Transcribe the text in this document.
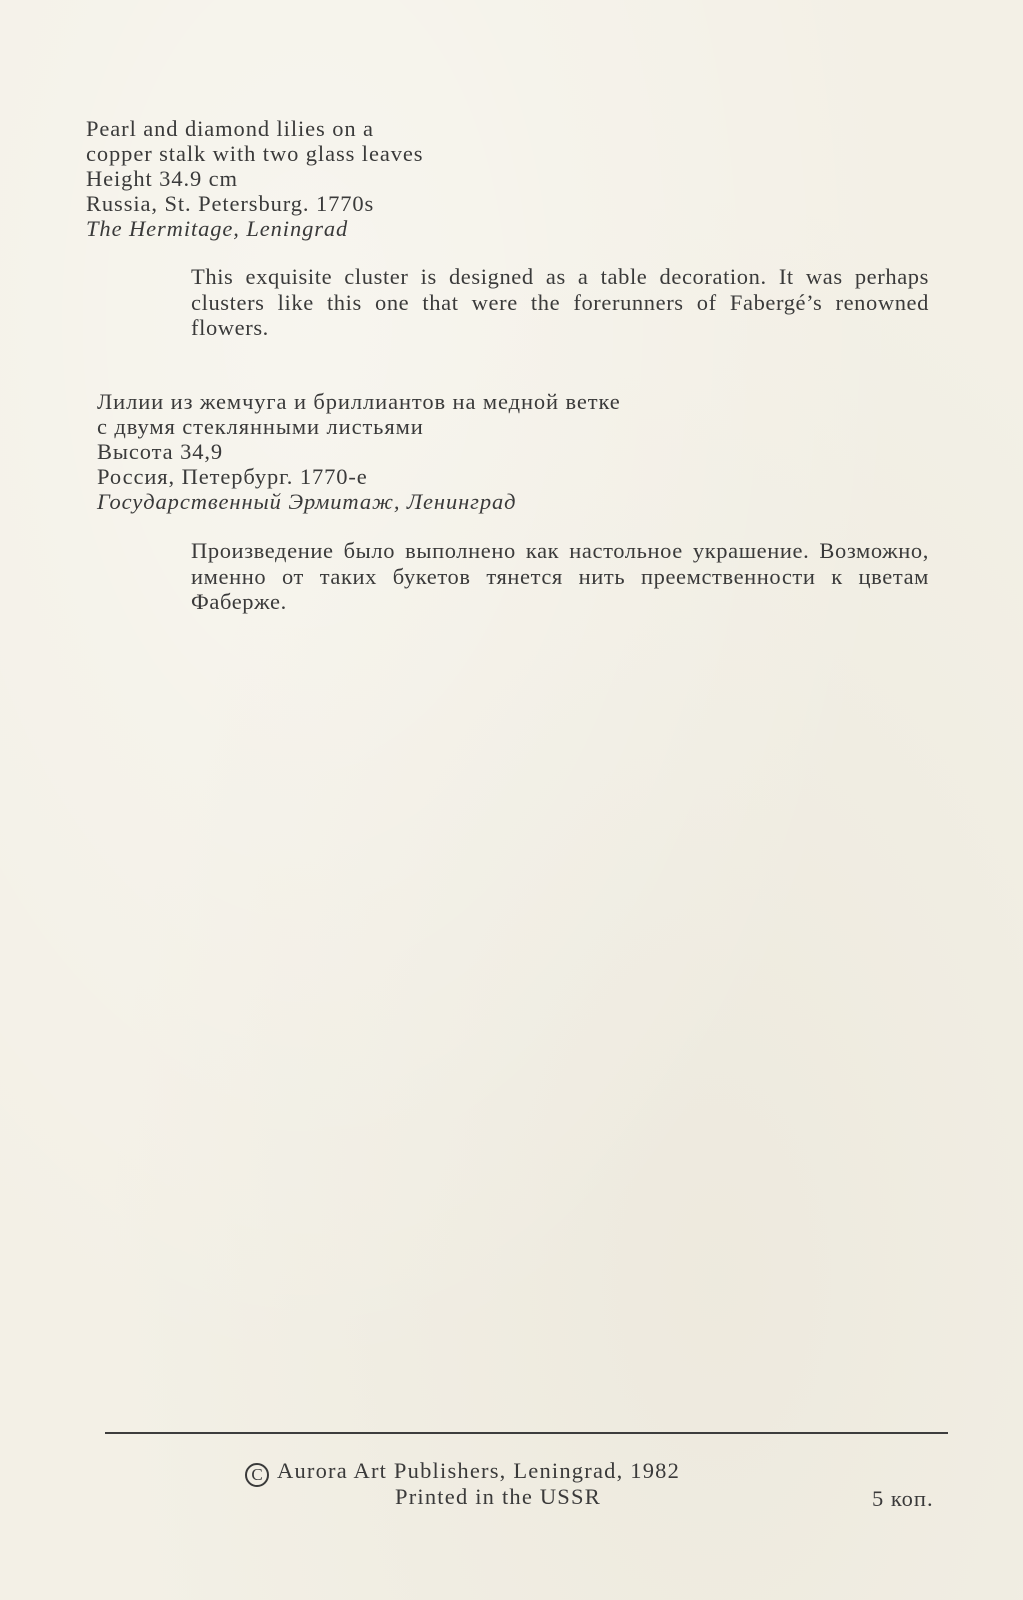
Pearl and diamond lilies on a
copper stalk with two glass leaves
Height 34.9 cm
Russia, St. Petersburg. 1770s
The Hermitage, Leningrad
This exquisite cluster is designed as a table decoration. It was perhaps clusters like this one that were the forerunners of Fabergé’s renowned flowers.
Лилии из жемчуга и бриллиантов на медной ветке
с двумя стеклянными листьями
Высота 34,9
Россия, Петербург. 1770-е
Государственный Эрмитаж, Ленинград
Произведение было выполнено как настольное украшение. Возможно, именно от таких букетов тянется нить преемственности к цветам Фаберже.
C Aurora Art Publishers, Leningrad, 1982
Printed in the USSR	5 коп.
